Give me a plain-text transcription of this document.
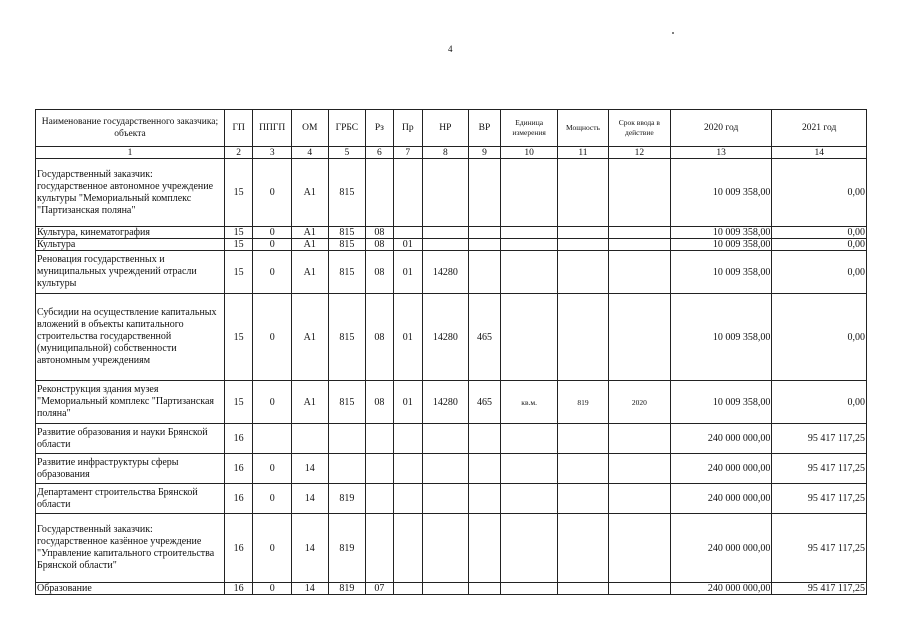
4
Наименование государственного заказчика; объекта	ГП	ППГП	ОМ	ГРБС	Рз	Пр	НР	ВР	Единица измерения	Мощность	Срок ввода в действие	2020 год	2021 год
1	2	3	4	5	6	7	8	9	10	11	12	13	14
Государственный заказчик: государственное автономное учреждение культуры "Мемориальный комплекс "Партизанская поляна"	15	0	А1	815								10 009 358,00	0,00
Культура, кинематография	15	0	А1	815	08							10 009 358,00	0,00
Культура	15	0	А1	815	08	01						10 009 358,00	0,00
Реновация государственных и муниципальных учреждений отрасли культуры	15	0	А1	815	08	01	14280					10 009 358,00	0,00
Субсидии на осуществление капитальных вложений в объекты капитального строительства государственной (муниципальной) собственности автономным учреждениям	15	0	А1	815	08	01	14280	465				10 009 358,00	0,00
Реконструкция здания музея "Мемориальный комплекс "Партизанская поляна"	15	0	А1	815	08	01	14280	465	кв.м.	819	2020	10 009 358,00	0,00
Развитие образования и науки Брянской области	16											240 000 000,00	95 417 117,25
Развитие инфраструктуры сферы образования	16	0	14									240 000 000,00	95 417 117,25
Департамент строительства Брянской области	16	0	14	819								240 000 000,00	95 417 117,25
Государственный заказчик: государственное казённое учреждение "Управление капитального строительства Брянской области"	16	0	14	819								240 000 000,00	95 417 117,25
Образование	16	0	14	819	07							240 000 000,00	95 417 117,25
